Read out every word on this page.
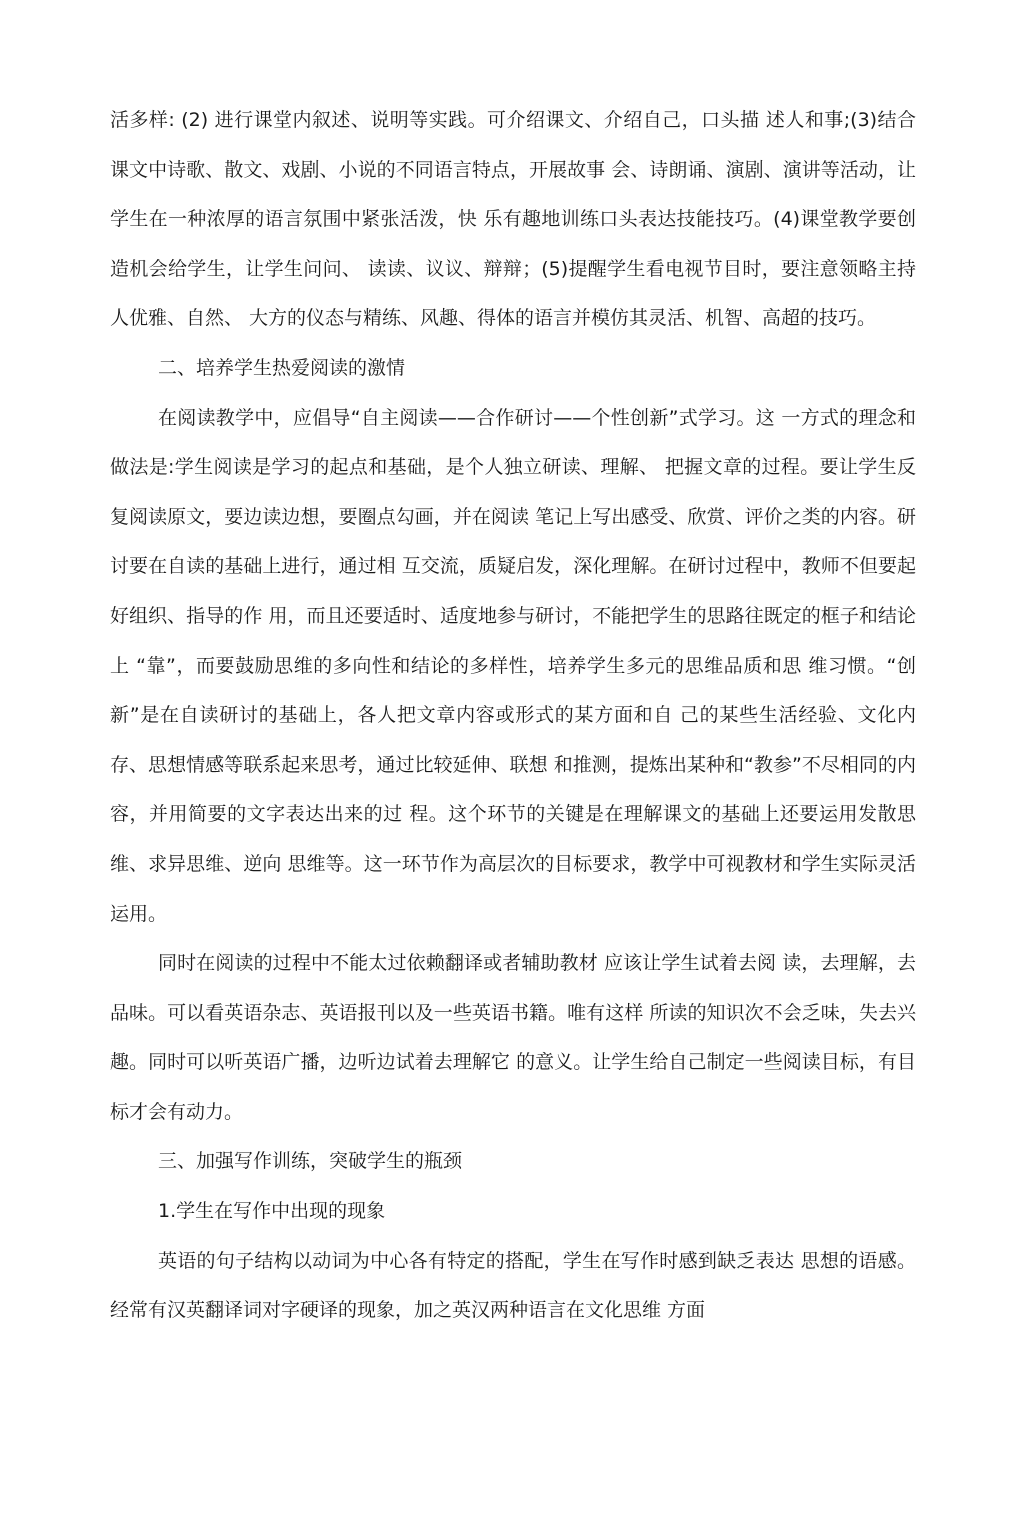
活多样: (2) 进行课堂内叙述、说明等实践。可介绍课文、介绍自己，口头描 述人和事;(3)结合课文中诗歌、散文、戏剧、小说的不同语言特点，开展故事 会、诗朗诵、演剧、演讲等活动，让学生在一种浓厚的语言氛围中紧张活泼，快 乐有趣地训练口头表达技能技巧。(4)课堂教学要创造机会给学生，让学生问问、 读读、议议、辩辩；(5)提醒学生看电视节目时，要注意领略主持人优雅、自然、 大方的仪态与精练、风趣、得体的语言并模仿其灵活、机智、高超的技巧。

二、培养学生热爱阅读的激情

在阅读教学中，应倡导“自主阅读——合作研讨——个性创新”式学习。这 一方式的理念和做法是:学生阅读是学习的起点和基础，是个人独立研读、理解、 把握文章的过程。要让学生反复阅读原文，要边读边想，要圈点勾画，并在阅读 笔记上写出感受、欣赏、评价之类的内容。研讨要在自读的基础上进行，通过相 互交流，质疑启发，深化理解。在研讨过程中，教师不但要起好组织、指导的作 用，而且还要适时、适度地参与研讨，不能把学生的思路往既定的框子和结论上 “靠”，而要鼓励思维的多向性和结论的多样性，培养学生多元的思维品质和思 维习惯。“创新”是在自读研讨的基础上，各人把文章内容或形式的某方面和自 己的某些生活经验、文化内存、思想情感等联系起来思考，通过比较延伸、联想 和推测，提炼出某种和“教参”不尽相同的内容，并用简要的文字表达出来的过 程。这个环节的关键是在理解课文的基础上还要运用发散思维、求异思维、逆向 思维等。这一环节作为高层次的目标要求，教学中可视教材和学生实际灵活运用。

同时在阅读的过程中不能太过依赖翻译或者辅助教材 应该让学生试着去阅 读，去理解，去品味。可以看英语杂志、英语报刊以及一些英语书籍。唯有这样 所读的知识次不会乏味，失去兴趣。同时可以听英语广播，边听边试着去理解它 的意义。让学生给自己制定一些阅读目标，有目标才会有动力。

三、加强写作训练，突破学生的瓶颈

1.学生在写作中出现的现象

英语的句子结构以动词为中心各有特定的搭配，学生在写作时感到缺乏表达 思想的语感。经常有汉英翻译词对字硬译的现象，加之英汉两种语言在文化思维 方面
